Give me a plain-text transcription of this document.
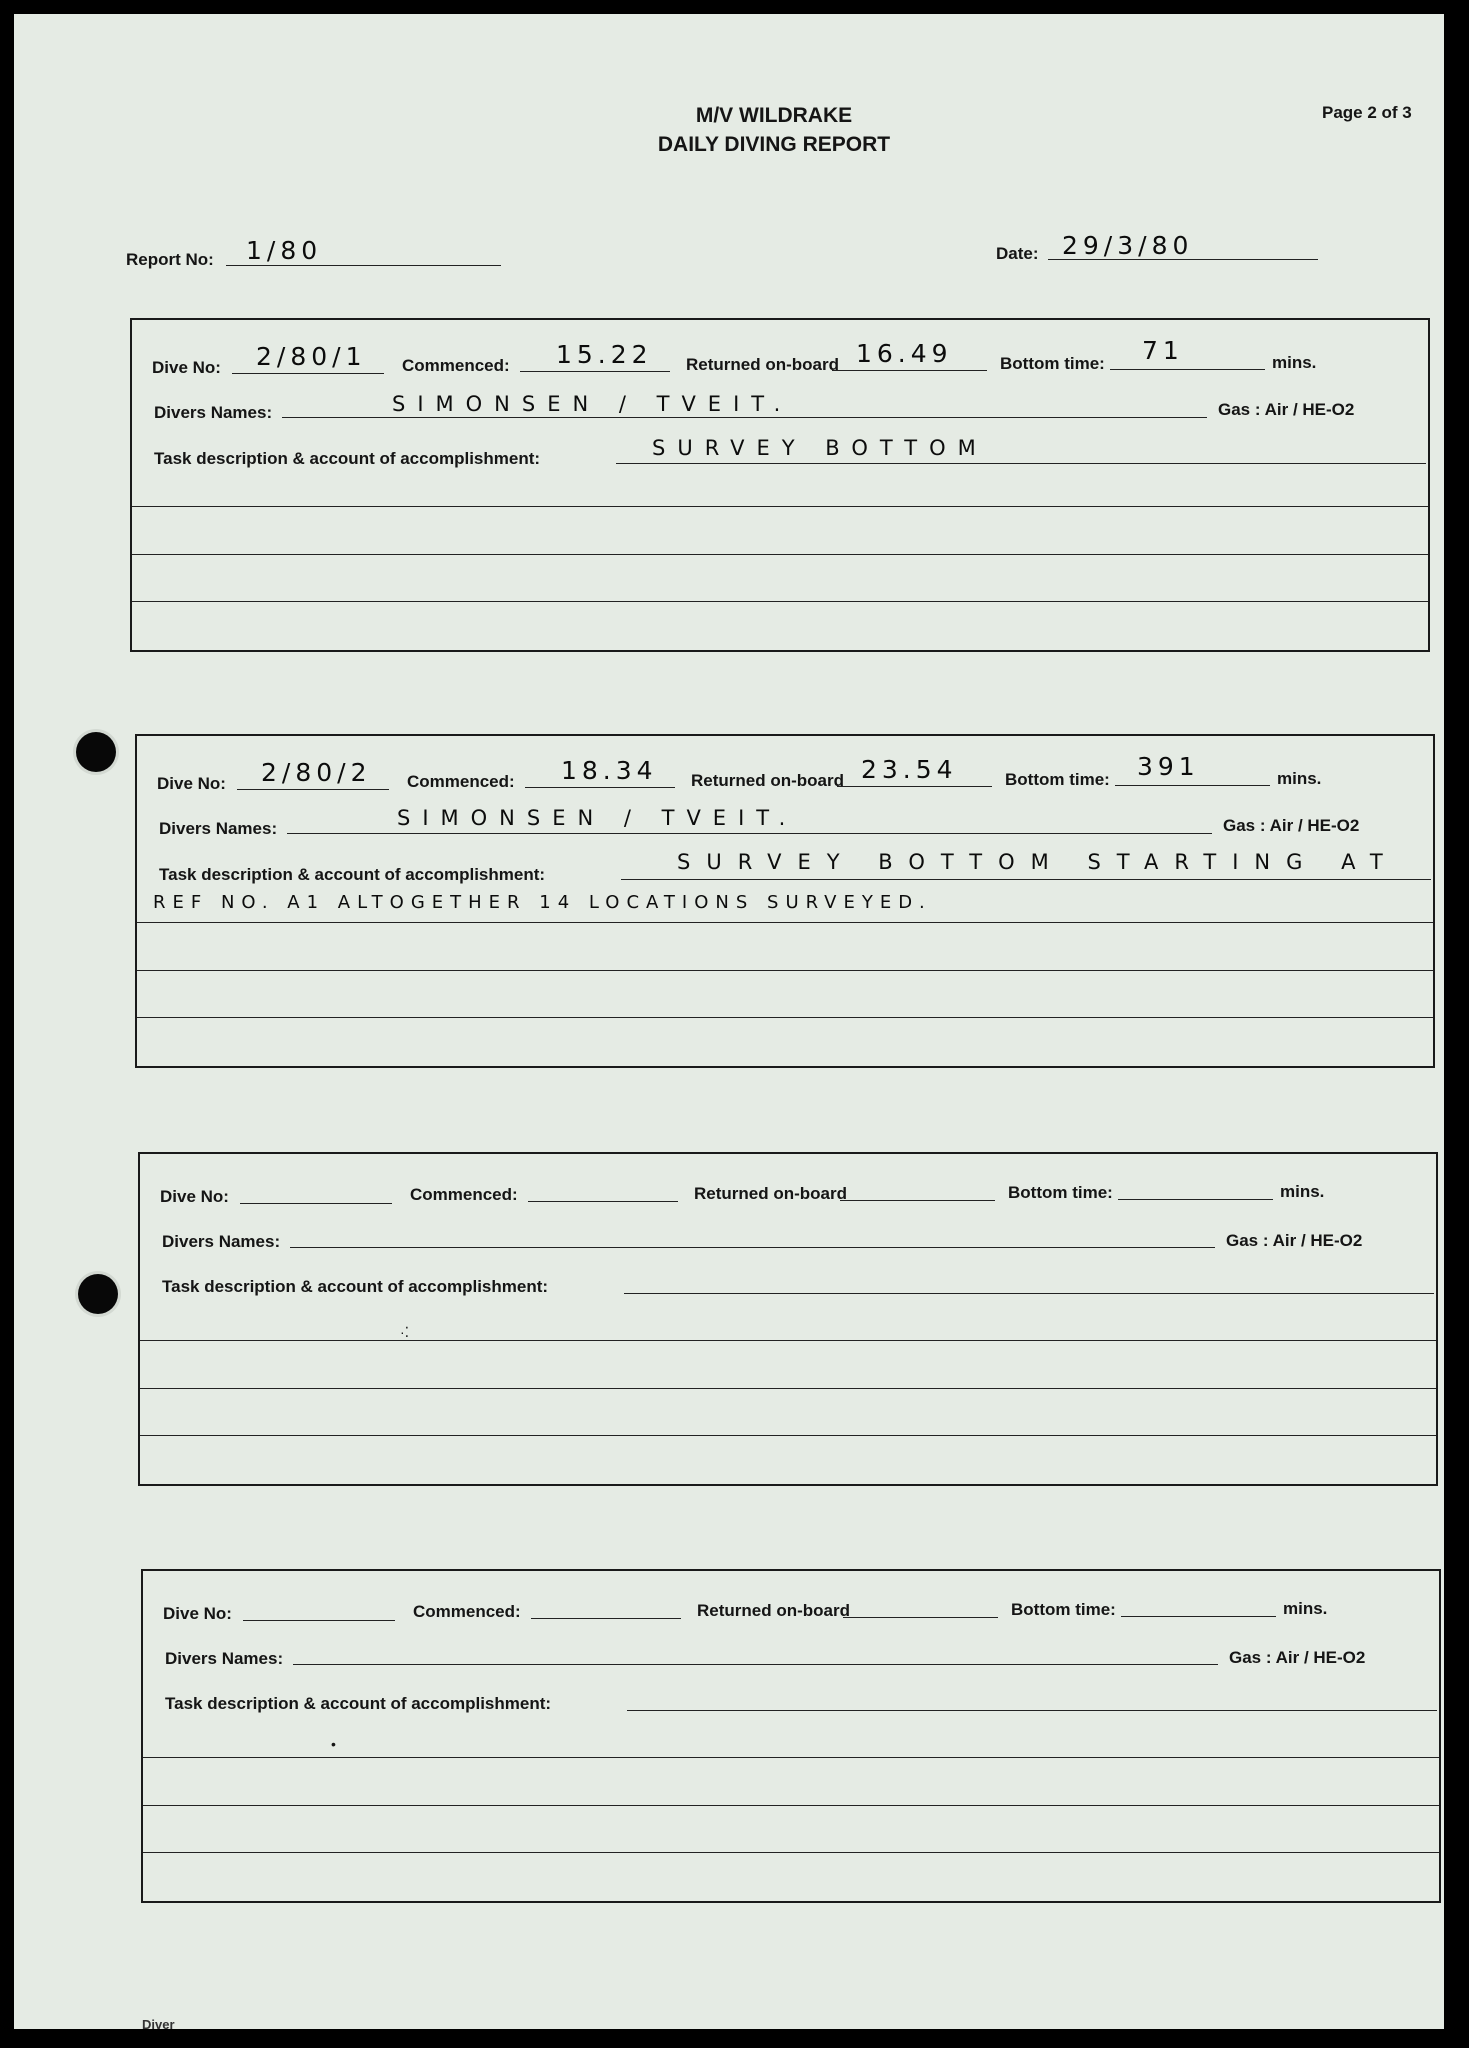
M/V WILDRAKE
DAILY DIVING REPORT
Page 2 of 3
Report No: 1/80	Date: 29/3/80
Dive No: 2/80/1 Commenced: 15.22 Returned on-board 16.49	Bottom time: 71	mins.
Divers Names:	SIMONSEN / TVEIT.	Gas : Air / HE-O2
Task description & account of accomplishment:	SURVEY BOTTOM
Dive No: 2/80/2 Commenced: 18.34 Returned on-board 23.54	Bottom time: 391	mins.
Divers Names:	SIMONSEN / TVEIT.	Gas : Air / HE-O2
Task description & account of accomplishment:
SURVEY BOTTOM STARTING AT
REF NO. A1 ALTOGETHER 14 LOCATIONS SURVEYED.
Dive No:	Commenced:	Returned on-board	Bottom time:	mins.
Divers Names:	Gas : Air / HE-O2
Task description & account of accomplishment:
·⁚
Dive No:	Commenced:	Returned on-board	Bottom time:	mins.
Divers Names:	Gas : Air / HE-O2
Task description & account of accomplishment:
•
Diver
